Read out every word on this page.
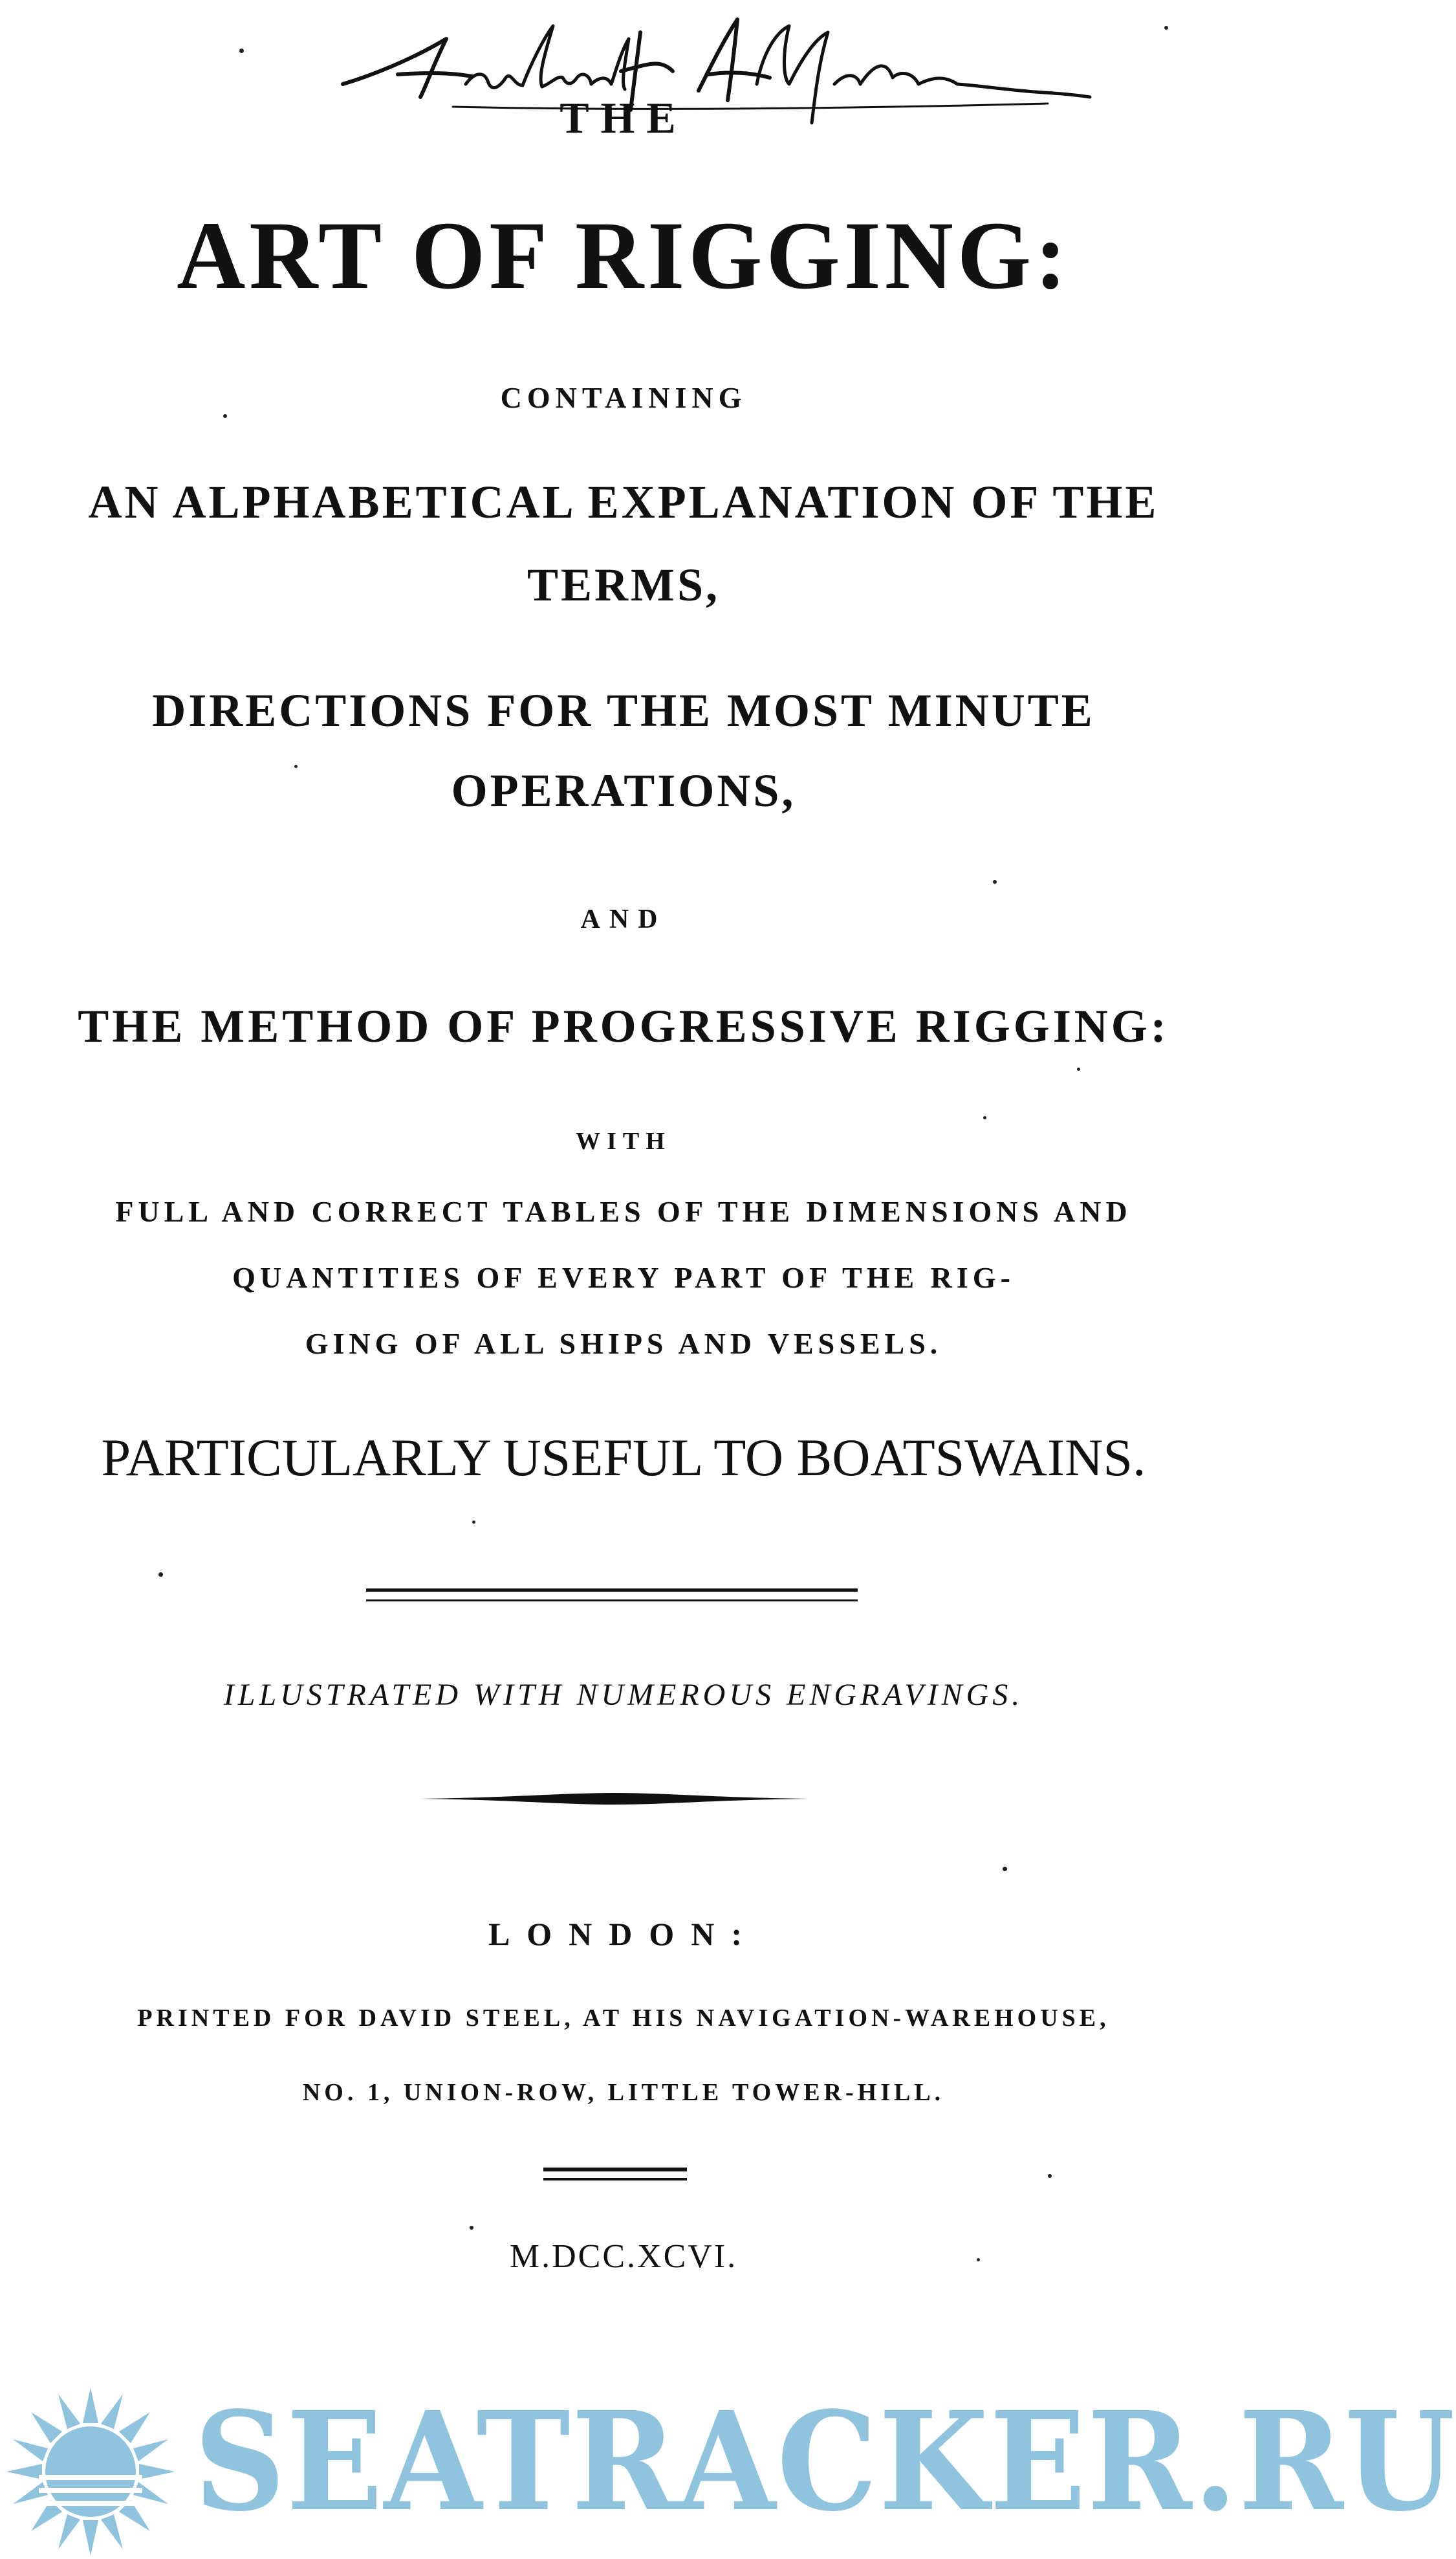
THE
ART OF RIGGING:
CONTAINING
AN ALPHABETICAL EXPLANATION OF THE
TERMS,
DIRECTIONS FOR THE MOST MINUTE
OPERATIONS,
AND
THE METHOD OF PROGRESSIVE RIGGING:
WITH
FULL AND CORRECT TABLES OF THE DIMENSIONS AND
QUANTITIES OF EVERY PART OF THE RIG-
GING OF ALL SHIPS AND VESSELS.
PARTICULARLY USEFUL TO BOATSWAINS.
ILLUSTRATED WITH NUMEROUS ENGRAVINGS.
LONDON:
PRINTED FOR DAVID STEEL, AT HIS NAVIGATION-WAREHOUSE,
NO. 1, UNION-ROW, LITTLE TOWER-HILL.
M.DCC.XCVI.
SEATRACKER.RU
